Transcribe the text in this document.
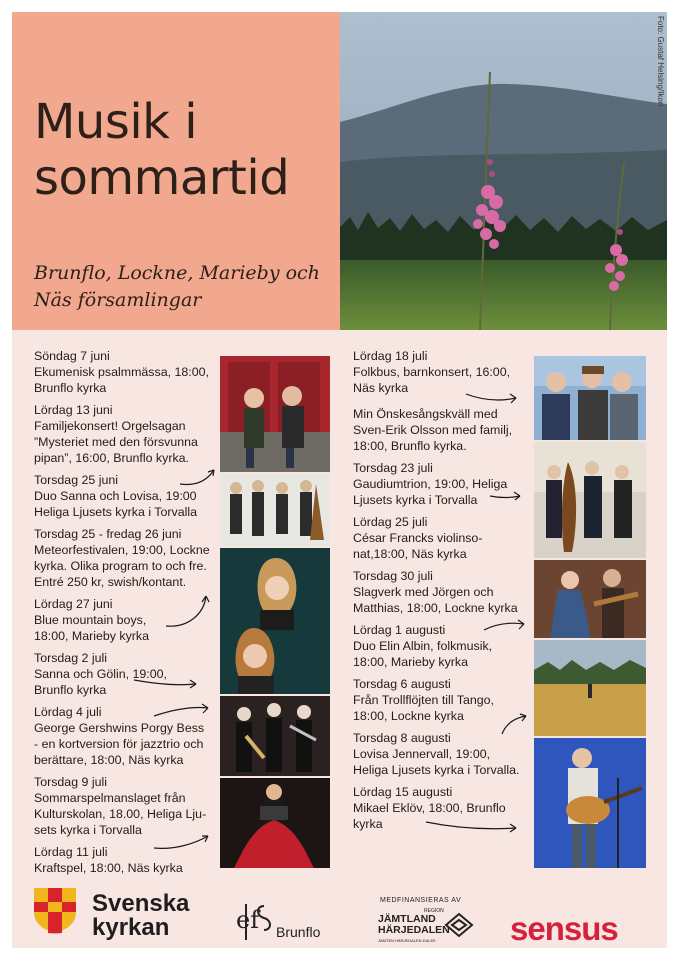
Musik i
sommartid

Brunflo, Lockne, Marieby och Näs församlingar

Foto: Gustaf Helsing/Ikon
Söndag 7 juni
Ekumenisk psalmmässa, 18:00,
Brunflo kyrka
Lördag 13 juni
Familjekonsert! Orgelsagan
”Mysteriet med den försvunna
pipan”, 16:00, Brunflo kyrka.
Torsdag 25 juni
Duo Sanna och Lovisa, 19:00
Heliga Ljusets kyrka i Torvalla
Torsdag 25 - fredag 26 juni
Meteorfestivalen, 19:00, Lockne
kyrka. Olika program to och fre.
Entré 250 kr, swish/kontant.
Lördag 27 juni
Blue mountain boys,
18:00, Marieby kyrka
Torsdag 2 juli
Sanna och Gölin, 19:00,
Brunflo kyrka
Lördag 4 juli
George Gershwins Porgy Bess
- en kortversion för jazztrio och
berättare, 18:00, Näs kyrka
Torsdag 9 juli
Sommarspelmanslaget från
Kulturskolan, 18.00, Heliga Lju-
sets kyrka i Torvalla
Lördag 11 juli
Kraftspel, 18:00, Näs kyrka
Lördag 18 juli
Folkbus, barnkonsert, 16:00,
Näs kyrka
Min Önskesångskväll med
Sven-Erik Olsson med familj,
18:00, Brunflo kyrka.
Torsdag 23 juli
Gaudiumtrion, 19:00, Heliga
Ljusets kyrka i Torvalla
Lördag 25 juli
César Francks violinso-
nat,18:00, Näs kyrka
Torsdag 30 juli
Slagverk med Jörgen och
Matthias, 18:00, Lockne kyrka
Lördag 1 augusti
Duo Elin Albin, folkmusik,
18:00, Marieby kyrka
Torsdag 6 augusti
Från Trollflöjten till Tango,
18:00, Lockne kyrka
Torsdag 8 augusti
Lovisa Jennervall, 19:00,
Heliga Ljusets kyrka i Torvalla.
Lördag 15 augusti
Mikael Eklöv, 18:00, Brunflo
kyrka
Svenska
kyrkan	ef Brunflo
MEDFINANSIERAS AV
REGION
JÄMTLAND
HÄRJEDALEN
JÄMTEN HÄRJEDALEN DALEE sensus
